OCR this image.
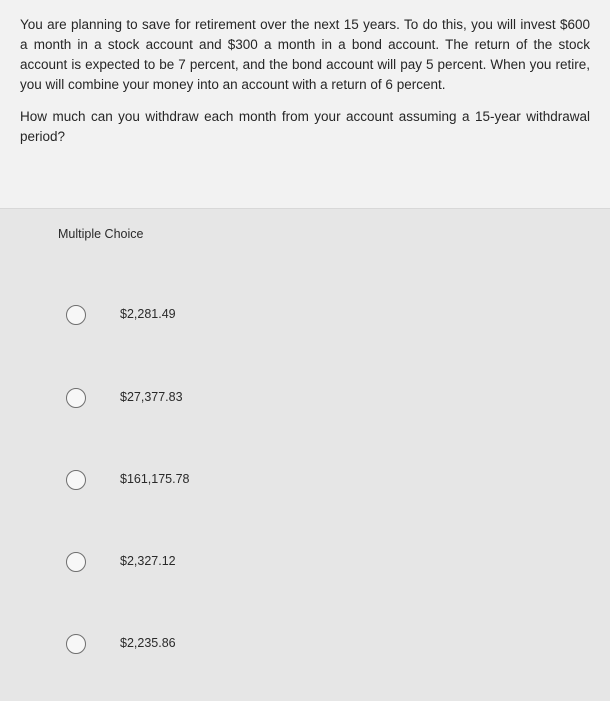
You are planning to save for retirement over the next 15 years. To do this, you will invest $600 a month in a stock account and $300 a month in a bond account. The return of the stock account is expected to be 7 percent, and the bond account will pay 5 percent. When you retire, you will combine your money into an account with a return of 6 percent.

How much can you withdraw each month from your account assuming a 15-year withdrawal period?

Multiple Choice

$2,281.49
$27,377.83
$161,175.78
$2,327.12
$2,235.86
